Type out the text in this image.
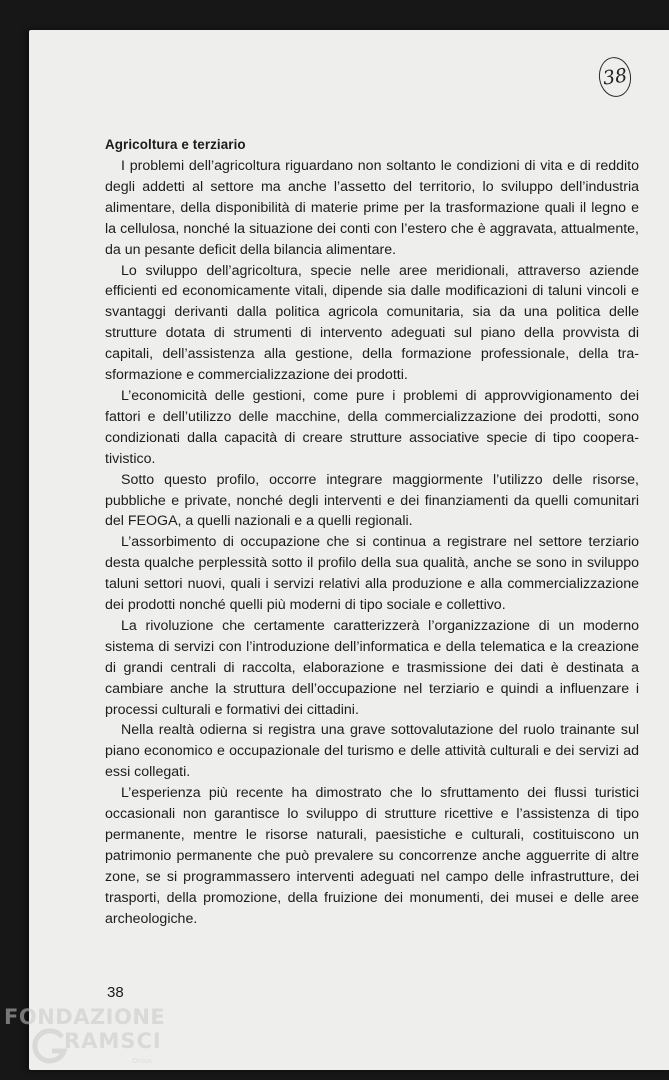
38
Agricoltura e terziario

I problemi dell’agricoltura riguardano non soltanto le condizioni di vita e di reddito degli addetti al settore ma anche l’assetto del territorio, lo sviluppo dell’industria alimentare, della disponibilità di materie prime per la trasformazione quali il legno e la cellulosa, nonché la situazione dei conti con l’estero che è aggravata, attualmente, da un pesante deficit della bilancia alimentare.

Lo sviluppo dell’agricoltura, specie nelle aree meridionali, attraverso aziende efficienti ed economicamente vitali, dipende sia dalle modificazioni di taluni vincoli e svantaggi derivanti dalla politica agricola comunitaria, sia da una politica delle strutture dotata di strumenti di intervento adeguati sul piano della provvista di capitali, dell’assistenza alla gestione, della formazione professionale, della trasformazione e commercializzazione dei prodotti.

L’economicità delle gestioni, come pure i problemi di approvvigionamento dei fattori e dell’utilizzo delle macchine, della commercializzazione dei prodotti, sono condizionati dalla capacità di creare strutture associative specie di tipo cooperativistico.

Sotto questo profilo, occorre integrare maggiormente l’utilizzo delle risorse, pubbliche e private, nonché degli interventi e dei finanziamenti da quelli comunitari del FEOGA, a quelli nazionali e a quelli regionali.

L’assorbimento di occupazione che si continua a registrare nel settore terziario desta qualche perplessità sotto il profilo della sua qualità, anche se sono in sviluppo taluni settori nuovi, quali i servizi relativi alla produzione e alla commercializzazione dei prodotti nonché quelli più moderni di tipo sociale e collettivo.

La rivoluzione che certamente caratterizzerà l’organizzazione di un moderno sistema di servizi con l’introduzione dell’informatica e della telematica e la creazione di grandi centrali di raccolta, elaborazione e trasmissione dei dati è destinata a cambiare anche la struttura dell’occupazione nel terziario e quindi a influenzare i processi culturali e formativi dei cittadini.

Nella realtà odierna si registra una grave sottovalutazione del ruolo trainante sul piano economico e occupazionale del turismo e delle attività culturali e dei servizi ad essi collegati.

L’esperienza più recente ha dimostrato che lo sfruttamento dei flussi turistici occasionali non garantisce lo sviluppo di strutture ricettive e l’assistenza di tipo permanente, mentre le risorse naturali, paesistiche e culturali, costituiscono un patrimonio permanente che può prevalere su concorrenze anche agguerrite di altre zone, se si programmassero interventi adeguati nel campo delle infrastrutture, dei trasporti, della promozione, della fruizione dei monumenti, dei musei e delle aree archeologiche.

38
FONDAZIONE
RAMSCI
Onlus
